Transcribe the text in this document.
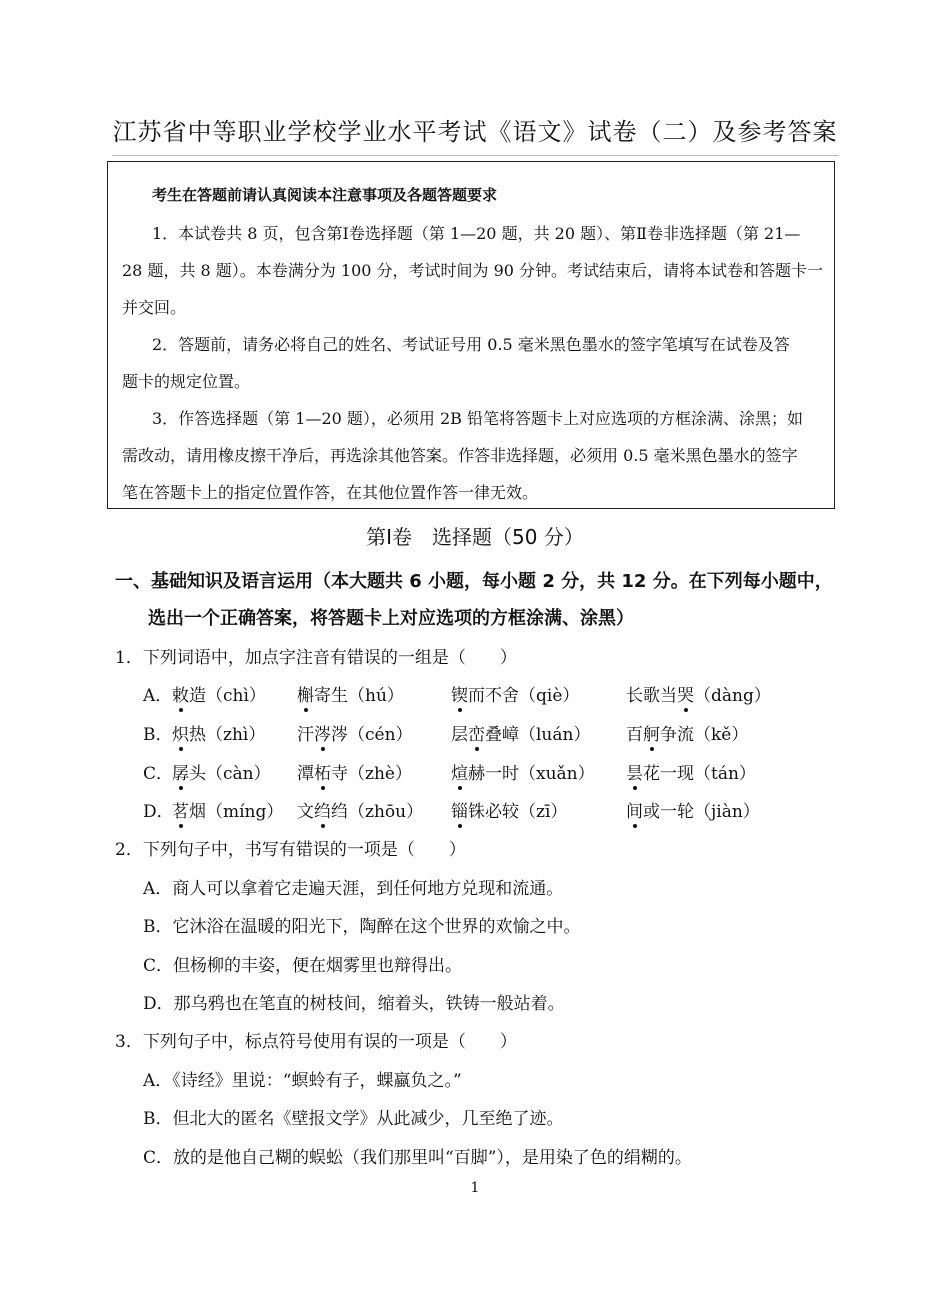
江苏省中等职业学校学业水平考试《语文》试卷（二）及参考答案
考生在答题前请认真阅读本注意事项及各题答题要求
1．本试卷共 8 页，包含第Ⅰ卷选择题（第 1—20 题，共 20 题）、第Ⅱ卷非选择题（第 21—
28 题，共 8 题）。本卷满分为 100 分，考试时间为 90 分钟。考试结束后，请将本试卷和答题卡一
并交回。
2．答题前，请务必将自己的姓名、考试证号用 0.5 毫米黑色墨水的签字笔填写在试卷及答
题卡的规定位置。
3．作答选择题（第 1—20 题），必须用 2B 铅笔将答题卡上对应选项的方框涂满、涂黑；如
需改动，请用橡皮擦干净后，再选涂其他答案。作答非选择题，必须用 0.5 毫米黑色墨水的签字
笔在答题卡上的指定位置作答，在其他位置作答一律无效。
第Ⅰ卷　选择题（50 分）
一、基础知识及语言运用（本大题共 6 小题，每小题 2 分，共 12 分。在下列每小题中，
选出一个正确答案，将答题卡上对应选项的方框涂满、涂黑）
1．下列词语中，加点字注音有错误的一组是（　　）
A． 敕造（chì） 槲寄生（hú）	锲而不舍（qiè）	长歌当哭（dàng）
B． 炽热（zhì） 汗涔涔（cén） 层峦叠嶂（luán） 百舸争流（kě）
C．
孱头（càn） 潭柘寺（zhè） 煊赫一时（xuǎn） 昙花一现（tán）
D．
茗烟（míng） 文绉绉（zhōu） 锱铢必较（zī）	间或一轮（jiàn）
2．下列句子中，书写有错误的一项是（　　）
A．商人可以拿着它走遍天涯，到任何地方兑现和流通。
B．它沐浴在温暖的阳光下，陶醉在这个世界的欢愉之中。
C．但杨柳的丰姿，便在烟雾里也辩得出。
D．那乌鸦也在笔直的树枝间，缩着头，铁铸一般站着。
3．下列句子中，标点符号使用有误的一项是（　　）
A．《诗经》里说：“螟蛉有子，蜾蠃负之。”
B．但北大的匿名《壁报文学》从此减少，几至绝了迹。
C．放的是他自己糊的蜈蚣（我们那里叫“百脚”），是用染了色的绢糊的。
1
